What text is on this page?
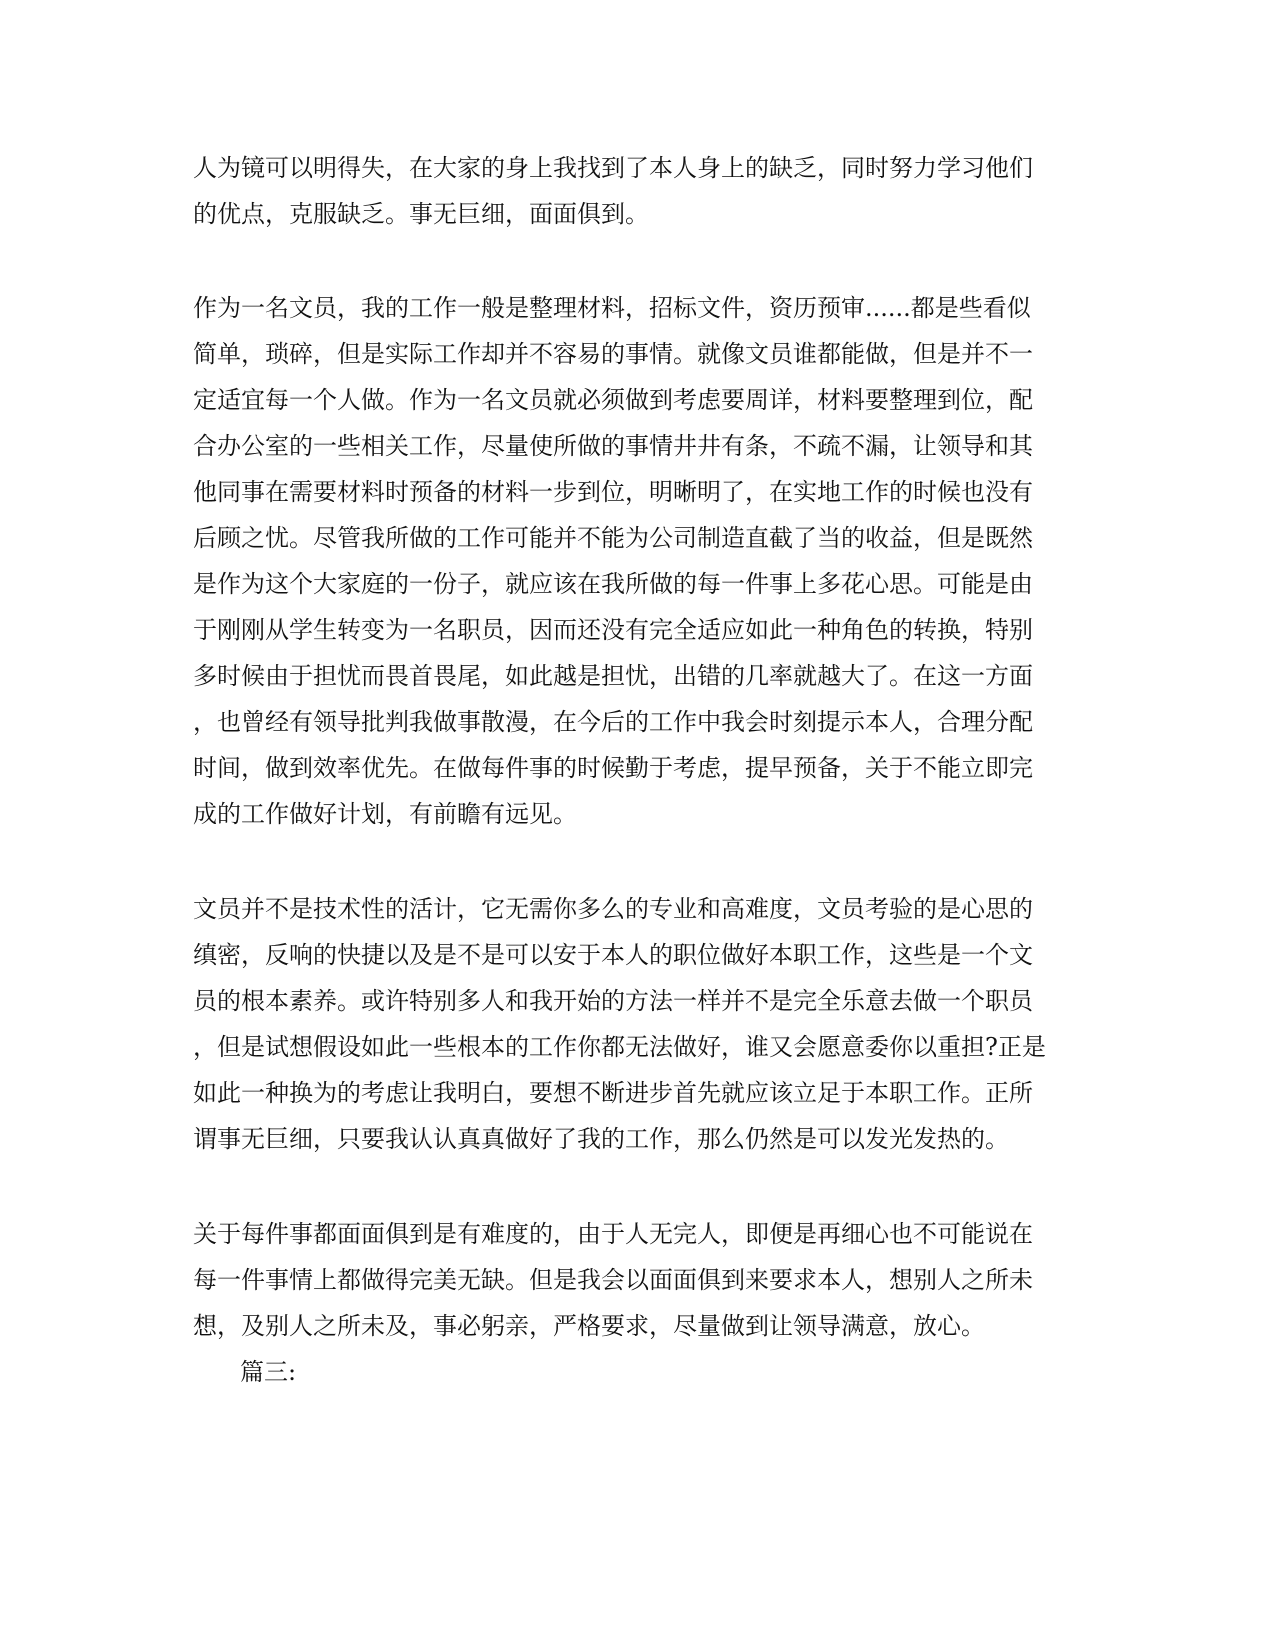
人为镜可以明得失，在大家的身上我找到了本人身上的缺乏，同时努力学习他们
的优点，克服缺乏。事无巨细，面面俱到。
作为一名文员，我的工作一般是整理材料，招标文件，资历预审......都是些看似
简单，琐碎，但是实际工作却并不容易的事情。就像文员谁都能做，但是并不一
定适宜每一个人做。作为一名文员就必须做到考虑要周详，材料要整理到位，配
合办公室的一些相关工作，尽量使所做的事情井井有条，不疏不漏，让领导和其
他同事在需要材料时预备的材料一步到位，明晰明了，在实地工作的时候也没有
后顾之忧。尽管我所做的工作可能并不能为公司制造直截了当的收益，但是既然
是作为这个大家庭的一份子，就应该在我所做的每一件事上多花心思。可能是由
于刚刚从学生转变为一名职员，因而还没有完全适应如此一种角色的转换，特别
多时候由于担忧而畏首畏尾，如此越是担忧，出错的几率就越大了。在这一方面
，也曾经有领导批判我做事散漫，在今后的工作中我会时刻提示本人，合理分配
时间，做到效率优先。在做每件事的时候勤于考虑，提早预备，关于不能立即完
成的工作做好计划，有前瞻有远见。
文员并不是技术性的活计，它无需你多么的专业和高难度，文员考验的是心思的
缜密，反响的快捷以及是不是可以安于本人的职位做好本职工作，这些是一个文
员的根本素养。或许特别多人和我开始的方法一样并不是完全乐意去做一个职员
，但是试想假设如此一些根本的工作你都无法做好，谁又会愿意委你以重担?正是
如此一种换为的考虑让我明白，要想不断进步首先就应该立足于本职工作。正所
谓事无巨细，只要我认认真真做好了我的工作，那么仍然是可以发光发热的。
关于每件事都面面俱到是有难度的，由于人无完人，即便是再细心也不可能说在
每一件事情上都做得完美无缺。但是我会以面面俱到来要求本人，想别人之所未
想，及别人之所未及，事必躬亲，严格要求，尽量做到让领导满意，放心。
篇三:
